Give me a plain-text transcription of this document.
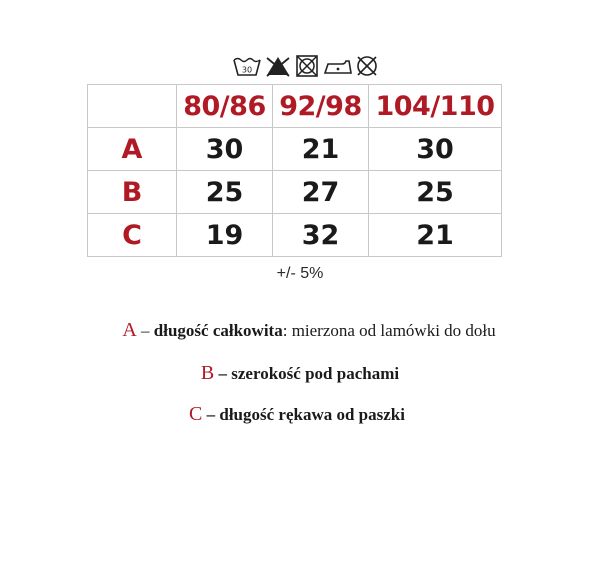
30
	80/86	92/98	104/110
A	30	21	30
B	25	27	25
C	19	32	21
+/- 5%
A – długość całkowita: mierzona od lamówki do dołu
B – szerokość pod pachami
C – długość rękawa od paszki
